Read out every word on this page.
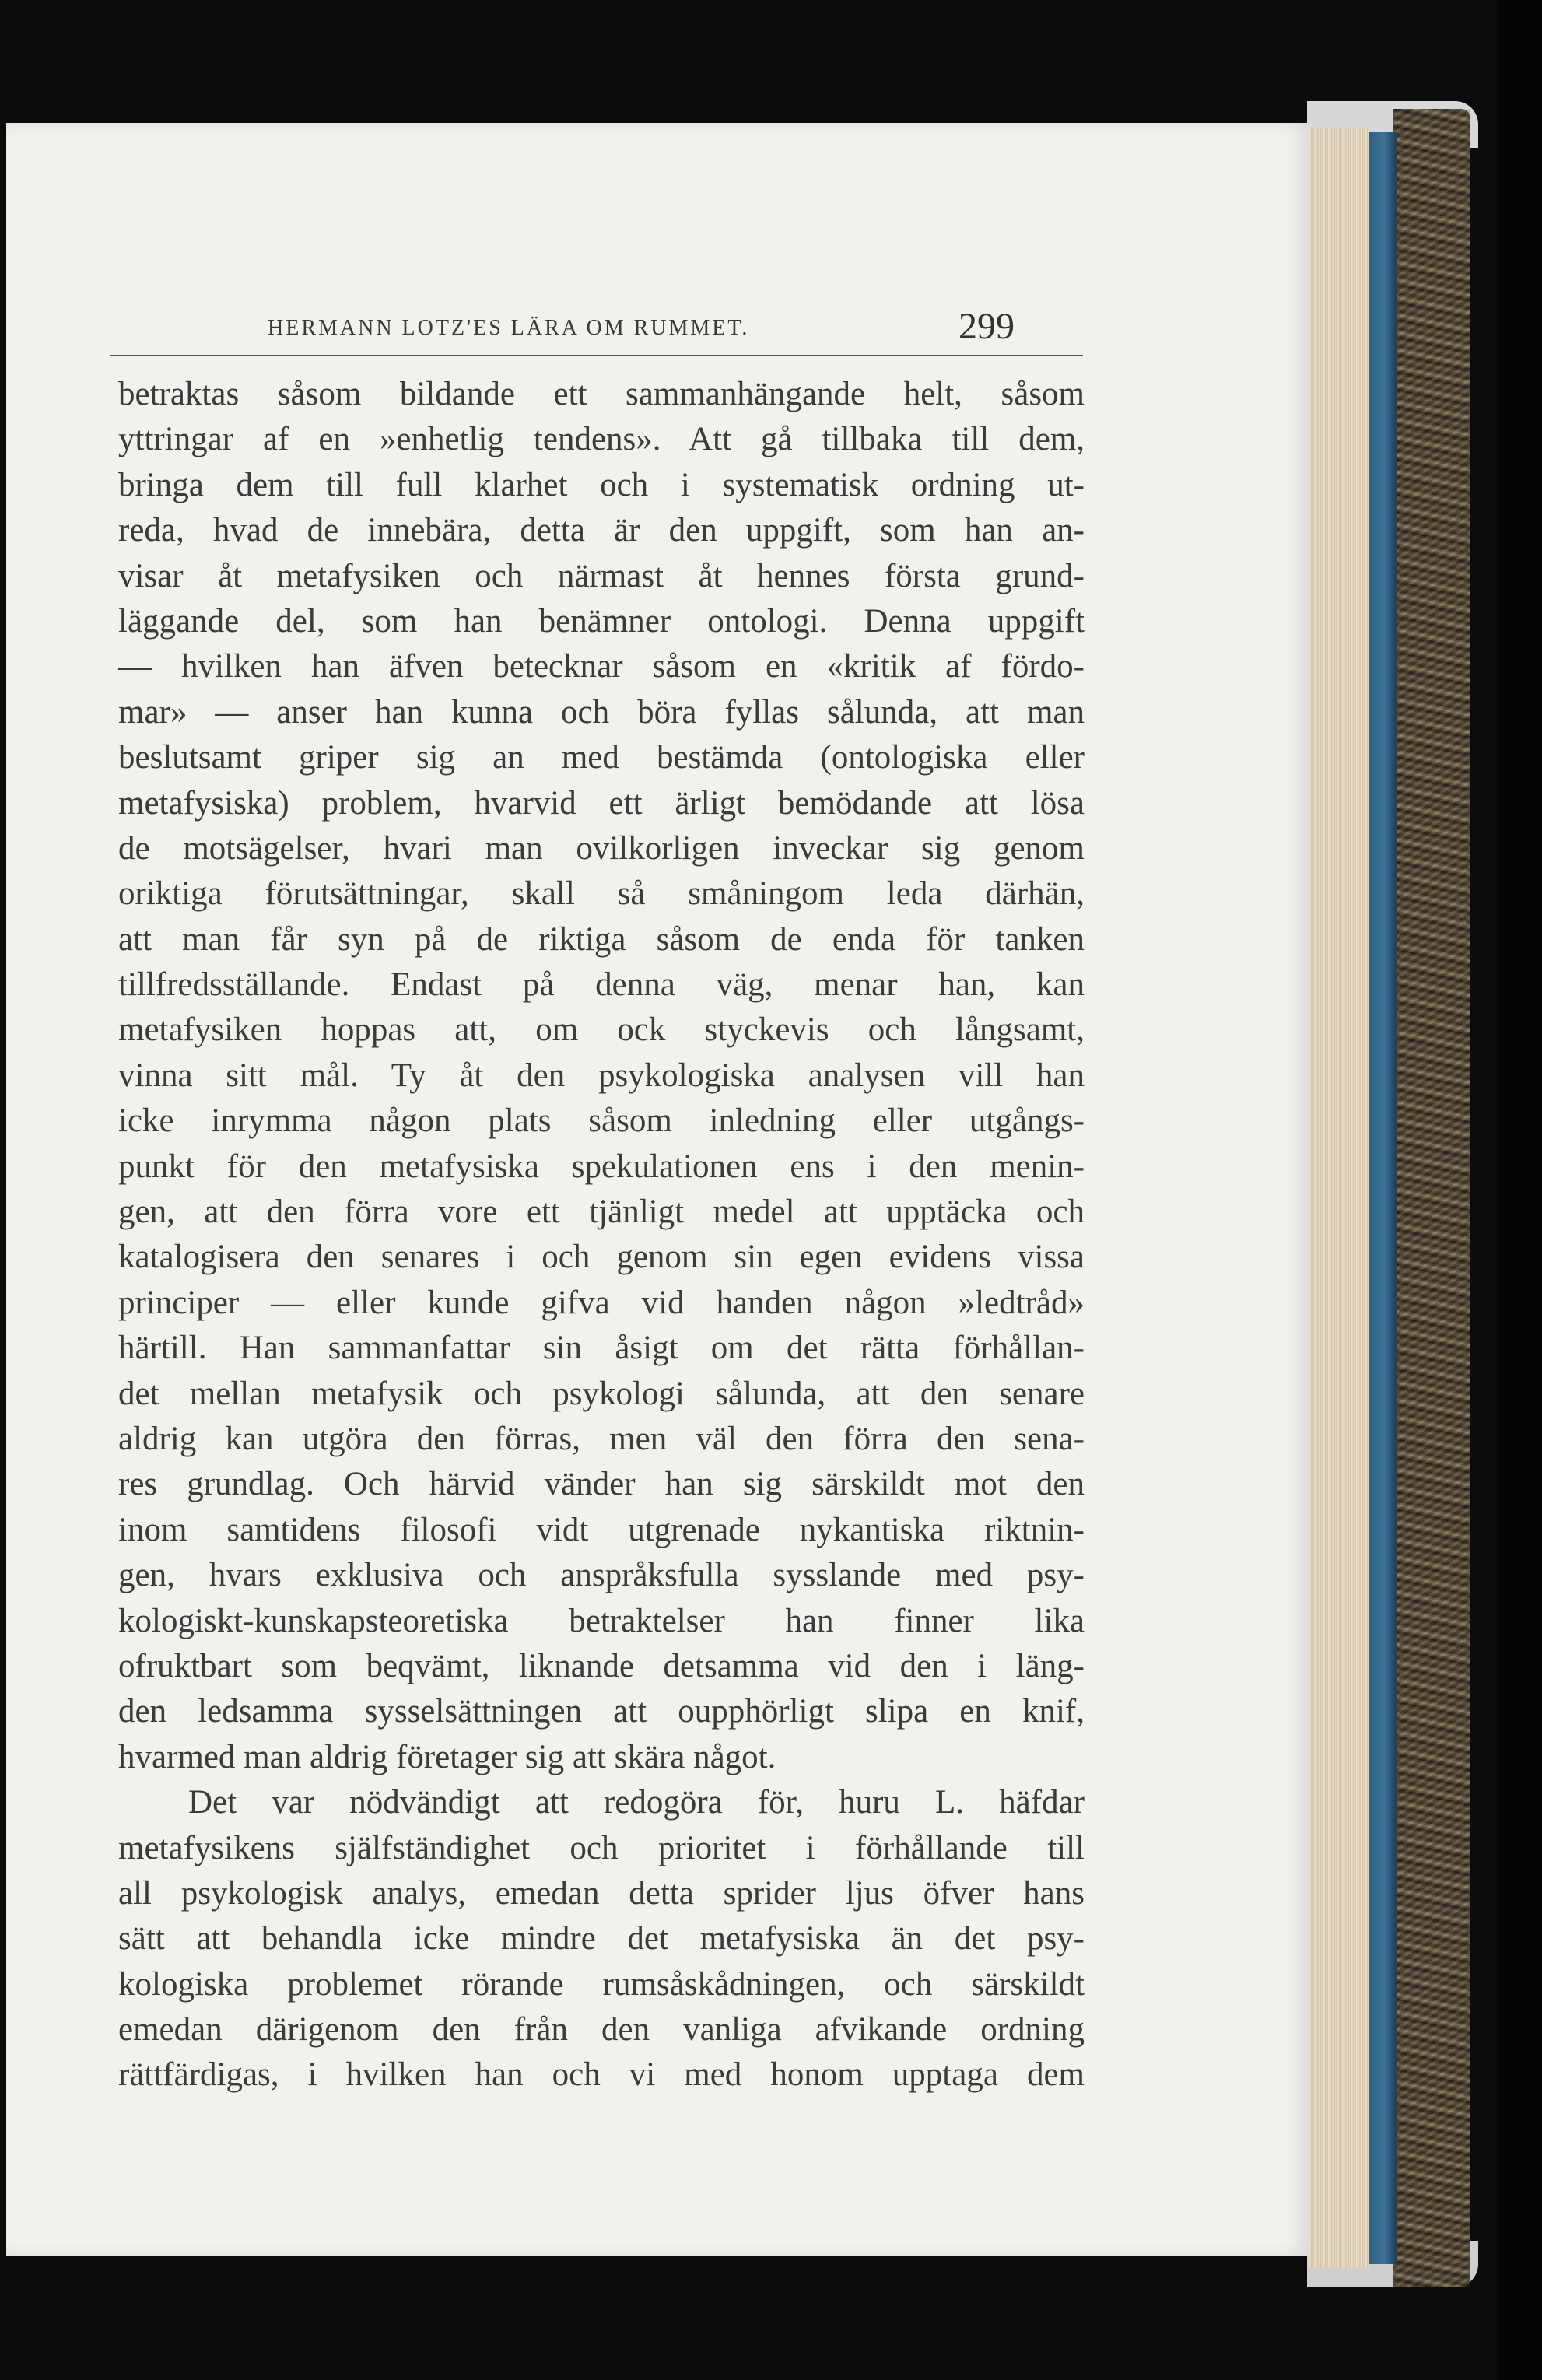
HERMANN LOTZ'ES LÄRA OM RUMMET.	299
betraktas såsom bildande ett sammanhängande helt, såsom
yttringar af en »enhetlig tendens». Att gå tillbaka till dem,
bringa dem till full klarhet och i systematisk ordning ut-
reda, hvad de innebära, detta är den uppgift, som han an-
visar åt metafysiken och närmast åt hennes första grund-
läggande del, som han benämner ontologi. Denna uppgift
— hvilken han äfven betecknar såsom en «kritik af fördo-
mar» — anser han kunna och böra fyllas sålunda, att man
beslutsamt griper sig an med bestämda (ontologiska eller
metafysiska) problem, hvarvid ett ärligt bemödande att lösa
de motsägelser, hvari man ovilkorligen inveckar sig genom
oriktiga förutsättningar, skall så småningom leda därhän,
att man får syn på de riktiga såsom de enda för tanken
tillfredsställande. Endast på denna väg, menar han, kan
metafysiken hoppas att, om ock styckevis och långsamt,
vinna sitt mål. Ty åt den psykologiska analysen vill han
icke inrymma någon plats såsom inledning eller utgångs-
punkt för den metafysiska spekulationen ens i den menin-
gen, att den förra vore ett tjänligt medel att upptäcka och
katalogisera den senares i och genom sin egen evidens vissa
principer — eller kunde gifva vid handen någon »ledtråd»
härtill. Han sammanfattar sin åsigt om det rätta förhållan-
det mellan metafysik och psykologi sålunda, att den senare
aldrig kan utgöra den förras, men väl den förra den sena-
res grundlag. Och härvid vänder han sig särskildt mot den
inom samtidens filosofi vidt utgrenade nykantiska riktnin-
gen, hvars exklusiva och anspråksfulla sysslande med psy-
kologiskt-kunskapsteoretiska betraktelser han finner lika
ofruktbart som beqvämt, liknande detsamma vid den i läng-
den ledsamma sysselsättningen att oupphörligt slipa en knif,
hvarmed man aldrig företager sig att skära något.
Det var nödvändigt att redogöra för, huru L. häfdar
metafysikens själfständighet och prioritet i förhållande till
all psykologisk analys, emedan detta sprider ljus öfver hans
sätt att behandla icke mindre det metafysiska än det psy-
kologiska problemet rörande rumsåskådningen, och särskildt
emedan därigenom den från den vanliga afvikande ordning
rättfärdigas, i hvilken han och vi med honom upptaga dem
